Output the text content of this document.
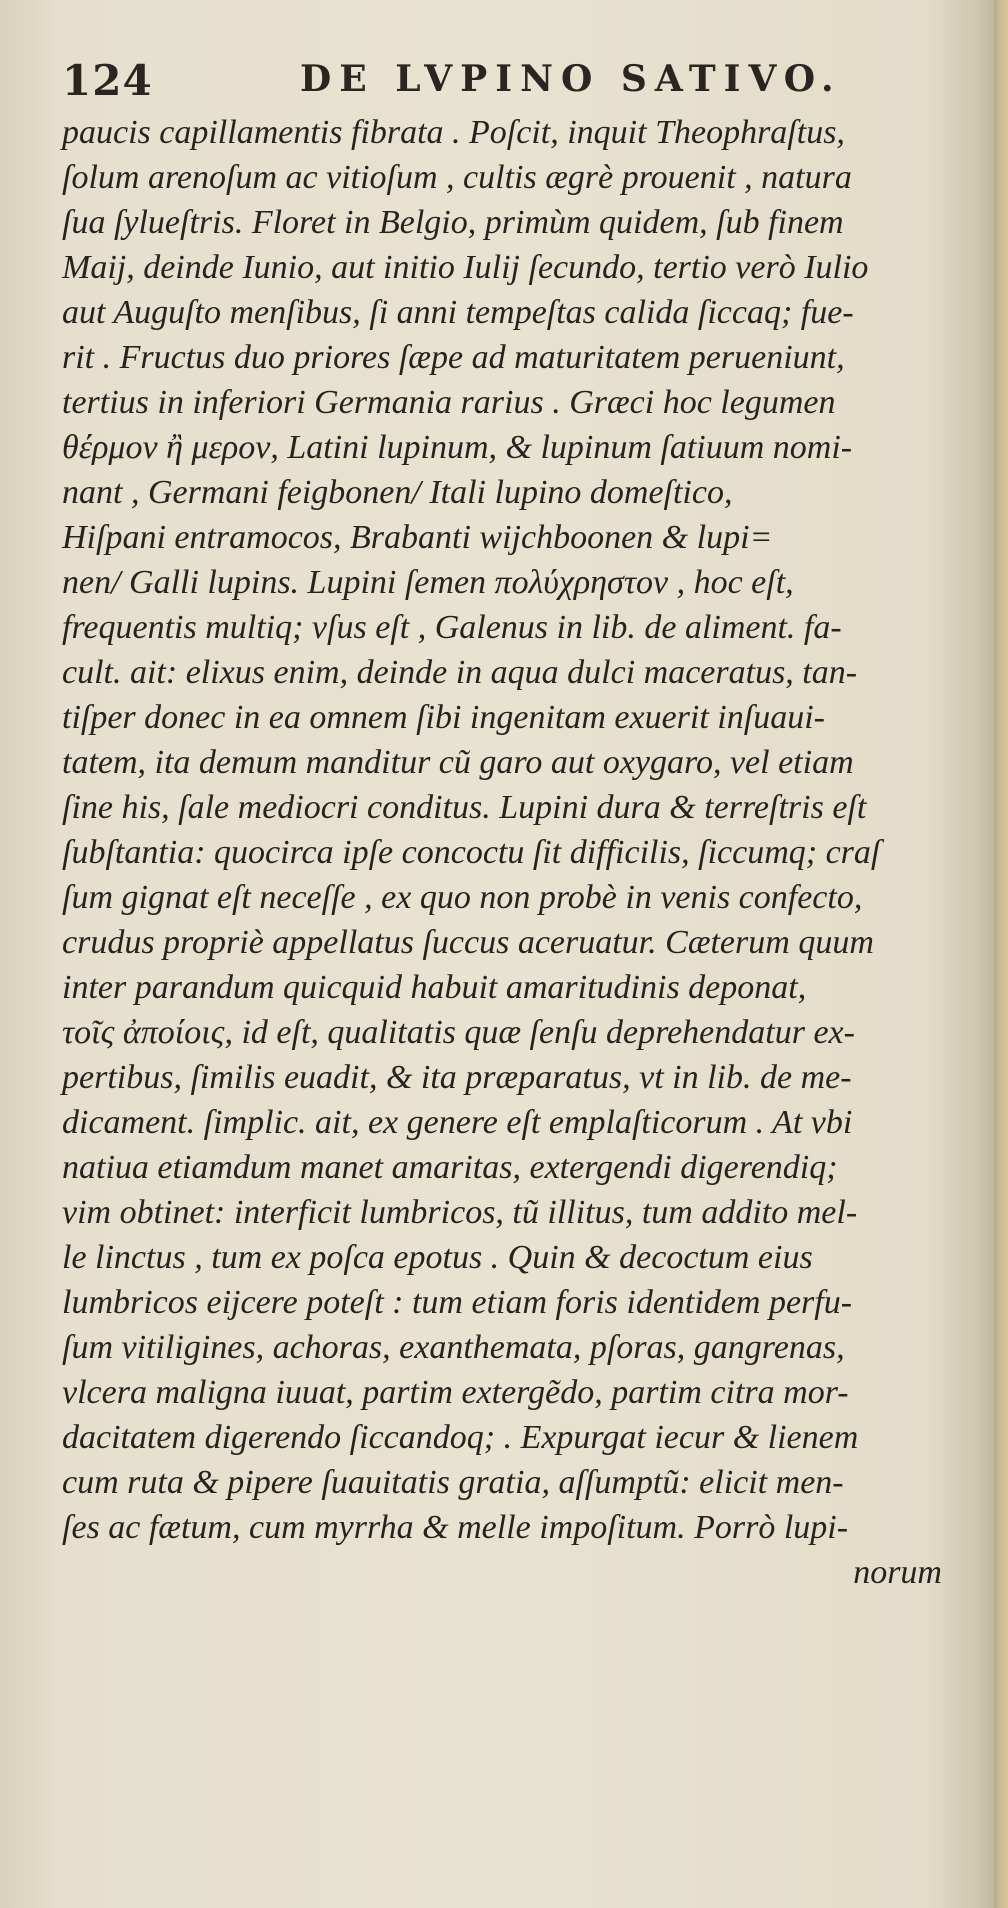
124	DE LVPINO SATIVO.
paucis capillamentis fibrata . Poſcit, inquit Theophraſtus,
ſolum arenoſum ac vitioſum , cultis ægrè prouenit , natura
ſua ſylueſtris. Floret in Belgio, primùm quidem, ſub finem
Maij, deinde Iunio, aut initio Iulij ſecundo, tertio verò Iulio
aut Auguſto menſibus, ſi anni tempeſtas calida ſiccaq; fue-
rit . Fructus duo priores ſæpe ad maturitatem perueniunt,
tertius in inferiori Germania rarius . Græci hoc legumen
θέρμον ἢ μερον, Latini lupinum, & lupinum ſatiuum nomi-
nant , Germani feigbonen/ Itali lupino domeſtico,
Hiſpani entramocos, Brabanti wijchboonen & lupi=
nen/ Galli lupins. Lupini ſemen πολύχρηστον , hoc eſt,
frequentis multiq; vſus eſt , Galenus in lib. de aliment. fa-
cult. ait: elixus enim, deinde in aqua dulci maceratus, tan-
tiſper donec in ea omnem ſibi ingenitam exuerit inſuaui-
tatem, ita demum manditur cũ garo aut oxygaro, vel etiam
ſine his, ſale mediocri conditus. Lupini dura & terreſtris eſt
ſubſtantia: quocirca ipſe concoctu ſit difficilis, ſiccumq; craſ
ſum gignat eſt neceſſe , ex quo non probè in venis confecto,
crudus propriè appellatus ſuccus aceruatur. Cæterum quum
inter parandum quicquid habuit amaritudinis deponat,
τοῖς ἀποίοις, id eſt, qualitatis quæ ſenſu deprehendatur ex-
pertibus, ſimilis euadit, & ita præparatus, vt in lib. de me-
dicament. ſimplic. ait, ex genere eſt emplaſticorum . At vbi
natiua etiamdum manet amaritas, extergendi digerendiq;
vim obtinet: interficit lumbricos, tũ illitus, tum addito mel-
le linctus , tum ex poſca epotus . Quin & decoctum eius
lumbricos eijcere poteſt : tum etiam foris identidem perfu-
ſum vitiligines, achoras, exanthemata, pſoras, gangrenas,
vlcera maligna iuuat, partim extergẽdo, partim citra mor-
dacitatem digerendo ſiccandoq; . Expurgat iecur & lienem
cum ruta & pipere ſuauitatis gratia, aſſumptũ: elicit men-
ſes ac fætum, cum myrrha & melle impoſitum. Porrò lupi-
norum
